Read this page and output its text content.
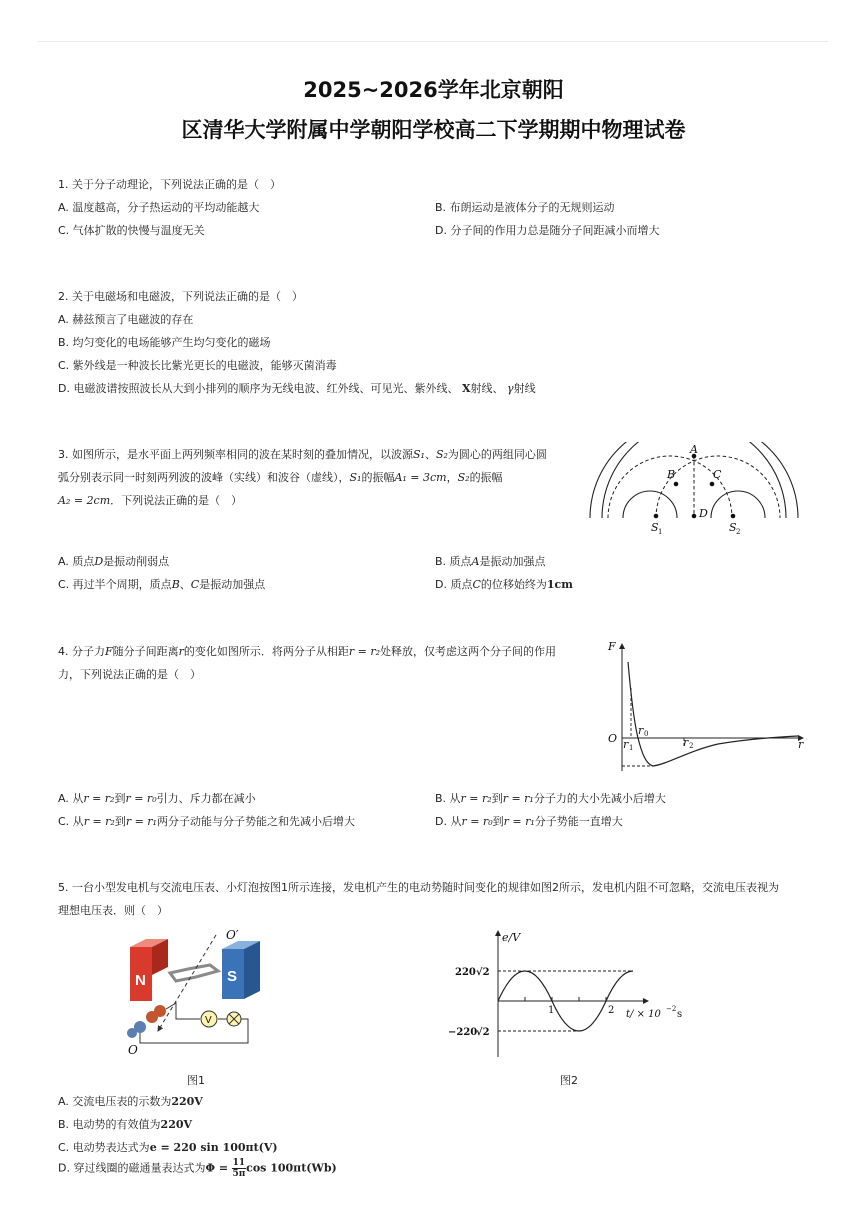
2025~2026学年北京朝阳
区清华大学附属中学朝阳学校高二下学期期中物理试卷
1. 关于分子动理论，下列说法正确的是（　）
A. 温度越高，分子热运动的平均动能越大	B. 布朗运动是液体分子的无规则运动
C. 气体扩散的快慢与温度无关	D. 分子间的作用力总是随分子间距减小而增大
2. 关于电磁场和电磁波，下列说法正确的是（　）
A. 赫兹预言了电磁波的存在
B. 均匀变化的电场能够产生均匀变化的磁场
C. 紫外线是一种波长比紫光更长的电磁波，能够灭菌消毒
D. 电磁波谱按照波长从大到小排列的顺序为无线电波、红外线、可见光、紫外线、 X射线、 γ射线
3. 如图所示，是水平面上两列频率相同的波在某时刻的叠加情况，以波源S₁、S₂为圆心的两组同心圆
弧分别表示同一时刻两列波的波峰（实线）和波谷（虚线），S₁的振幅A₁ = 3cm，S₂的振幅
A₂ = 2cm．下列说法正确的是（　）
A
B	C
D
S	S
1	2
A. 质点D是振动削弱点	B. 质点A是振动加强点
C. 再过半个周期，质点B、C是振动加强点	D. 质点C的位移始终为1cm
4. 分子力F随分子间距离r的变化如图所示．将两分子从相距r = r₂处释放，仅考虑这两个分子间的作用
力，下列说法正确的是（　）
F
O	r
r
r	r
0
1	2
A. 从r = r₂到r = r₀引力、斥力都在减小	B. 从r = r₂到r = r₁分子力的大小先减小后增大
C. 从r = r₂到r = r₁两分子动能与分子势能之和先减小后增大	D. 从r = r₀到r = r₁分子势能一直增大
5. 一台小型发电机与交流电压表、小灯泡按图1所示连接，发电机产生的电动势随时间变化的规律如图2所示，发电机内阻不可忽略，交流电压表视为
理想电压表．则（　）
N	S
V
O′
O
图1
e/V
220 √2
−220
√2
1	2 t/ × 10 −2 s
图2
A. 交流电压表的示数为220V
B. 电动势的有效值为220V
C. 电动势表达式为e = 220 sin 100πt(V)
D. 穿过线圈的磁通量表达式为$\Phi = \frac{11}{5\pi}$ cos 100πt(Wb)
